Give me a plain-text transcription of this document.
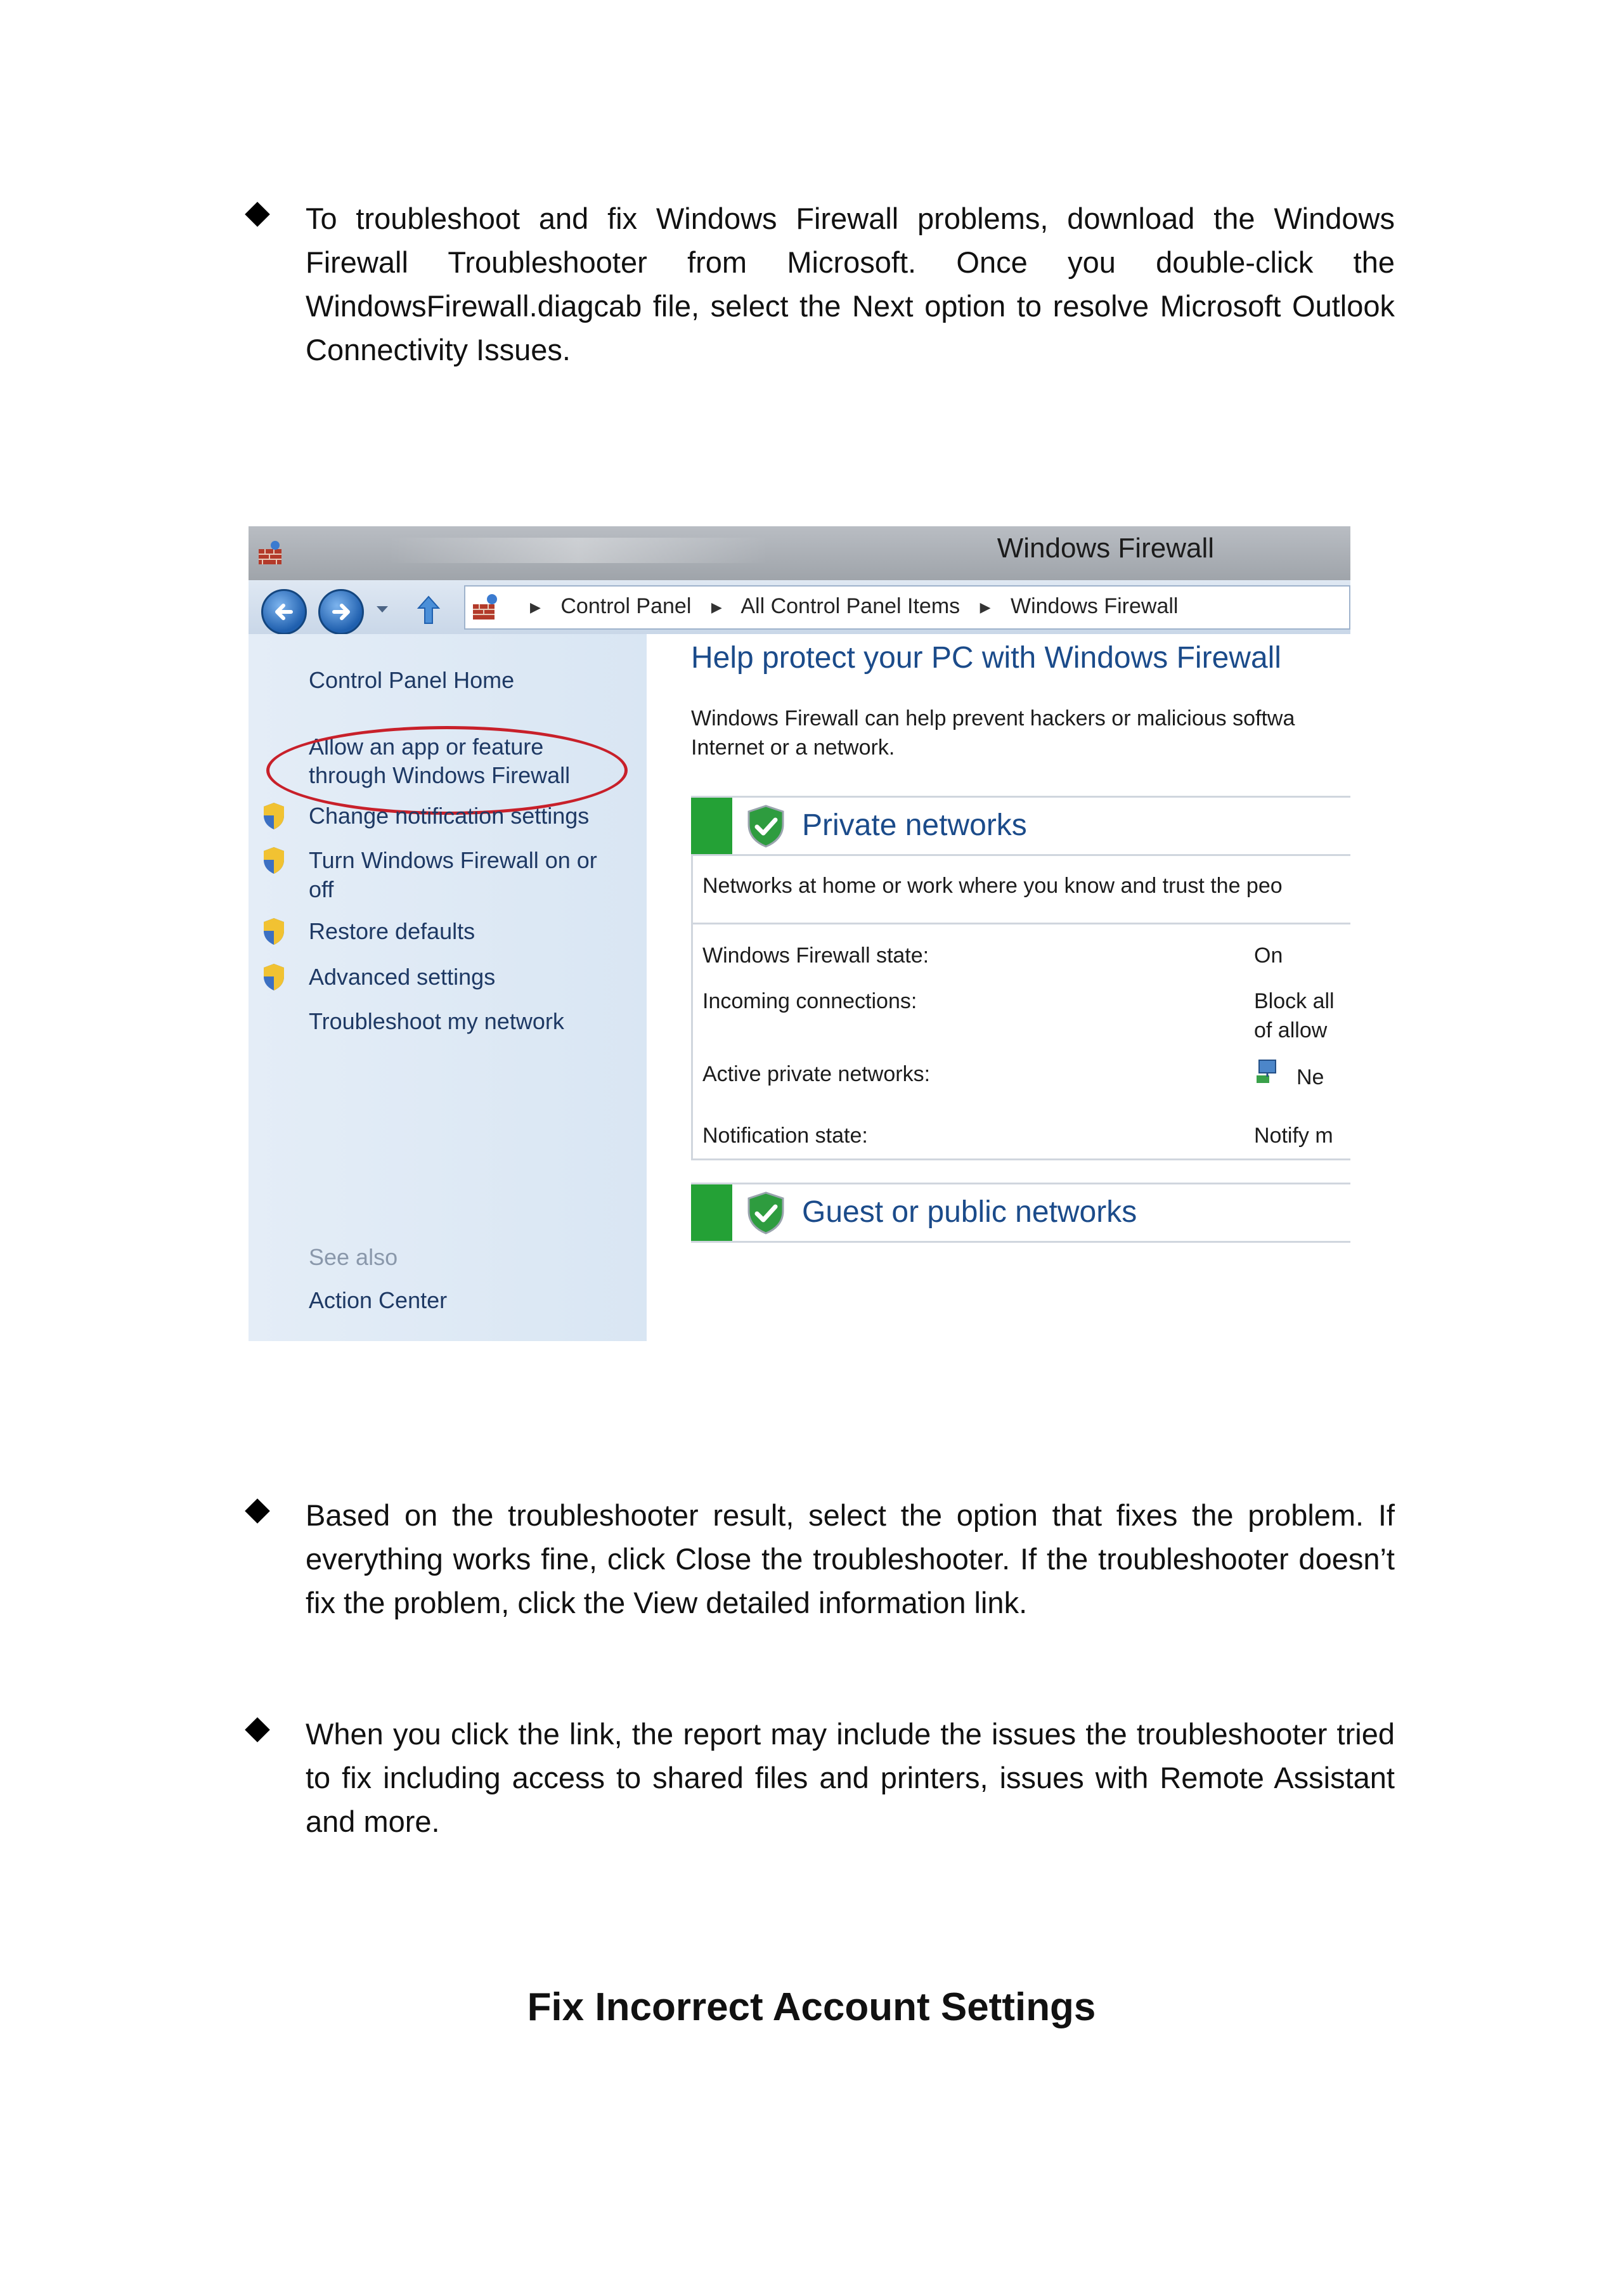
To troubleshoot and fix Windows Firewall problems, download the Windows Firewall Troubleshooter from Microsoft. Once you double-click the WindowsFirewall.diagcab file, select the Next option to resolve Microsoft Outlook Connectivity Issues.

Windows Firewall
▶ Control Panel ▶ All Control Panel Items ▶ Windows Firewall
Control Panel Home
Allow an app or feature
through Windows Firewall
Change notification settings
Turn Windows Firewall on or
off
Restore defaults
Advanced settings
Troubleshoot my network
See also
Action Center
Help protect your PC with Windows Firewall
Windows Firewall can help prevent hackers or malicious softwa
Internet or a network.
Private networks
Networks at home or work where you know and trust the peo
Windows Firewall state:	On
Incoming connections:	Block all
of allow
Active private networks:	Ne
Notification state:	Notify m
Guest or public networks

Based on the troubleshooter result, select the option that fixes the problem. If everything works fine, click Close the troubleshooter. If the troubleshooter doesn’t fix the problem, click the View detailed information link.

When you click the link, the report may include the issues the troubleshooter tried to fix including access to shared files and printers, issues with Remote Assistant and more.

Fix Incorrect Account Settings
